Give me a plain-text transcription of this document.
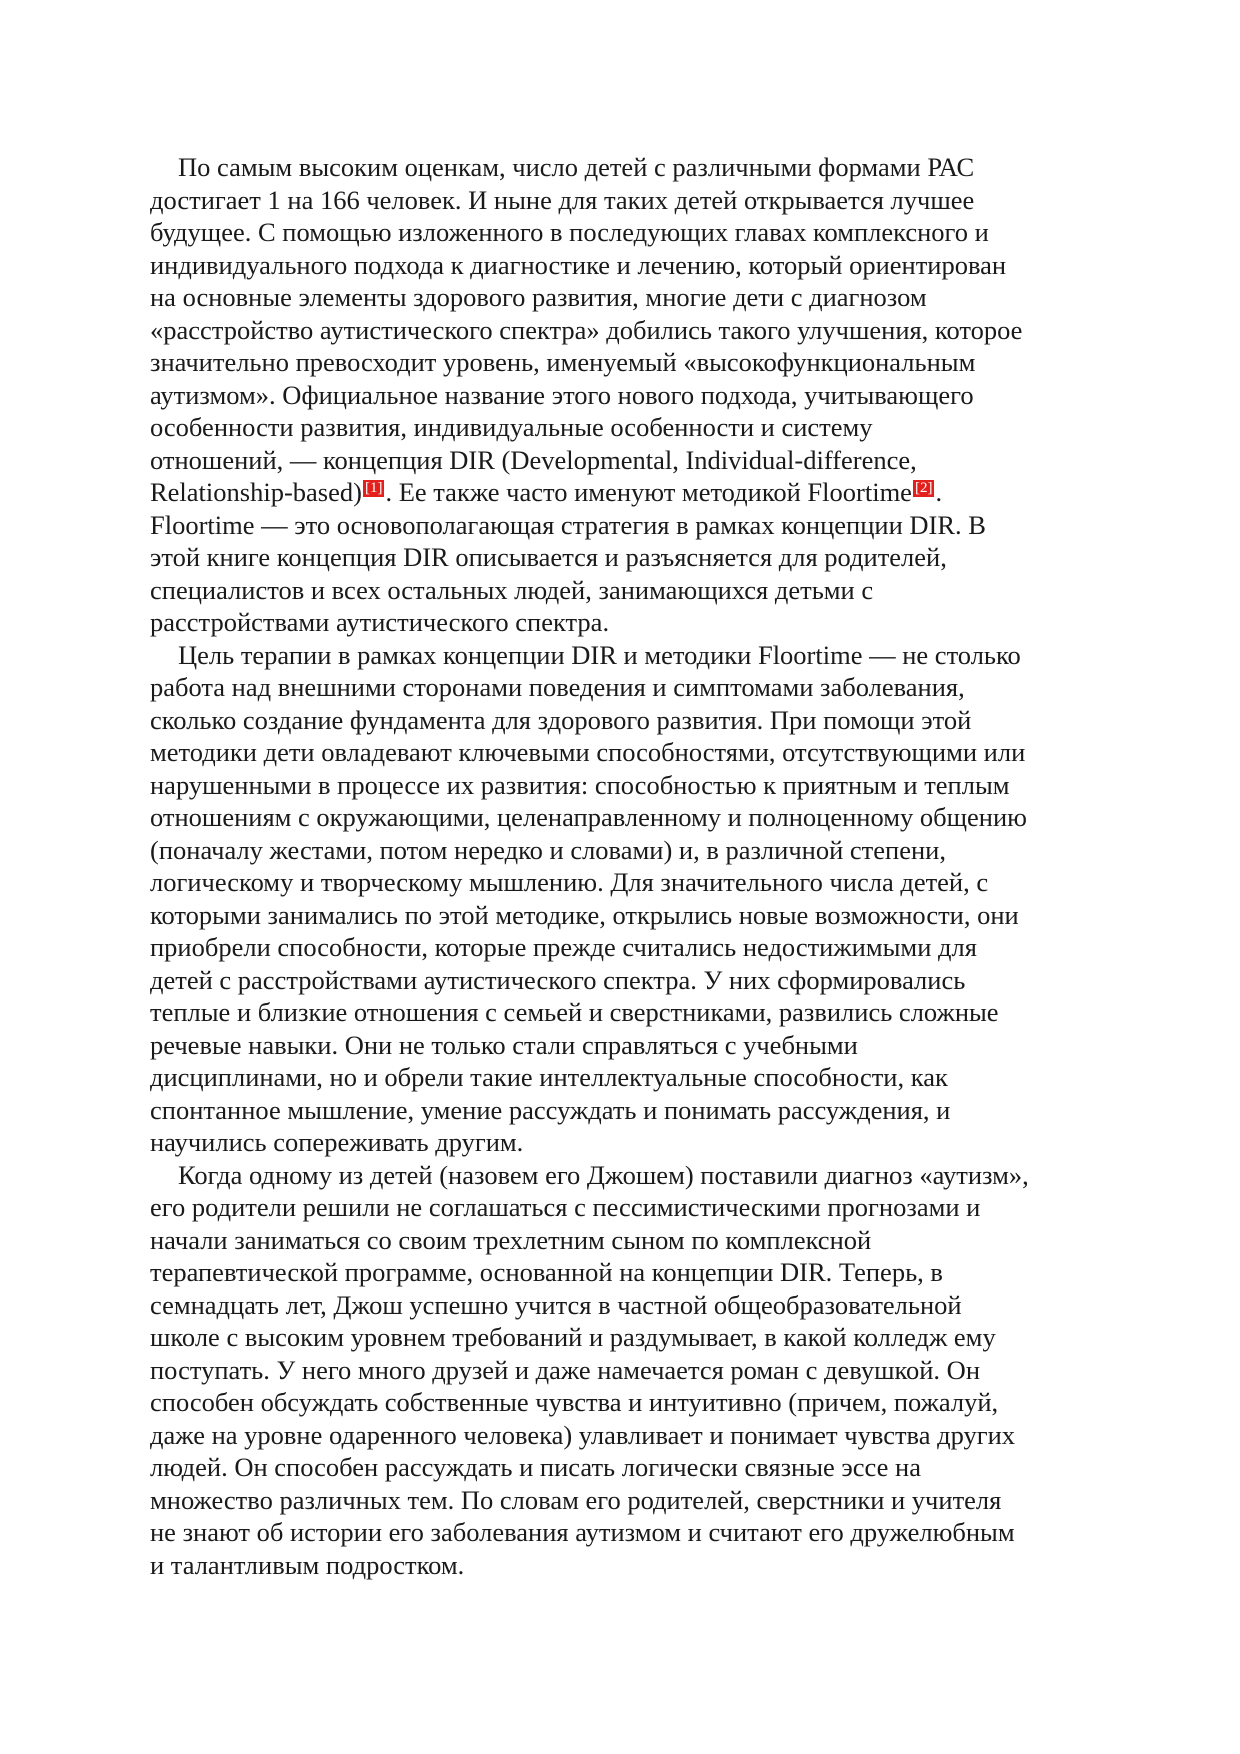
По самым высоким оценкам, число детей с различными формами РАС
достигает 1 на 166 человек. И ныне для таких детей открывается лучшее
будущее. С помощью изложенного в последующих главах комплексного и
индивидуального подхода к диагностике и лечению, который ориентирован
на основные элементы здорового развития, многие дети с диагнозом
«расстройство аутистического спектра» добились такого улучшения, которое
значительно превосходит уровень, именуемый «высокофункциональным
аутизмом». Официальное название этого нового подхода, учитывающего
особенности развития, индивидуальные особенности и систему
отношений, — концепция DIR (Developmental, Individual-difference,
Relationship-based) [1] . Ее также часто именуют методикой Floortime [2] .
Floortime — это основополагающая стратегия в рамках концепции DIR. В
этой книге концепция DIR описывается и разъясняется для родителей,
специалистов и всех остальных людей, занимающихся детьми с
расстройствами аутистического спектра.
Цель терапии в рамках концепции DIR и методики Floortime — не столько
работа над внешними сторонами поведения и симптомами заболевания,
сколько создание фундамента для здорового развития. При помощи этой
методики дети овладевают ключевыми способностями, отсутствующими или
нарушенными в процессе их развития: способностью к приятным и теплым
отношениям с окружающими, целенаправленному и полноценному общению
(поначалу жестами, потом нередко и словами) и, в различной степени,
логическому и творческому мышлению. Для значительного числа детей, с
которыми занимались по этой методике, открылись новые возможности, они
приобрели способности, которые прежде считались недостижимыми для
детей с расстройствами аутистического спектра. У них сформировались
теплые и близкие отношения с семьей и сверстниками, развились сложные
речевые навыки. Они не только стали справляться с учебными
дисциплинами, но и обрели такие интеллектуальные способности, как
спонтанное мышление, умение рассуждать и понимать рассуждения, и
научились сопереживать другим.
Когда одному из детей (назовем его Джошем) поставили диагноз «аутизм»,
его родители решили не соглашаться с пессимистическими прогнозами и
начали заниматься со своим трехлетним сыном по комплексной
терапевтической программе, основанной на концепции DIR. Теперь, в
семнадцать лет, Джош успешно учится в частной общеобразовательной
школе с высоким уровнем требований и раздумывает, в какой колледж ему
поступать. У него много друзей и даже намечается роман с девушкой. Он
способен обсуждать собственные чувства и интуитивно (причем, пожалуй,
даже на уровне одаренного человека) улавливает и понимает чувства других
людей. Он способен рассуждать и писать логически связные эссе на
множество различных тем. По словам его родителей, сверстники и учителя
не знают об истории его заболевания аутизмом и считают его дружелюбным
и талантливым подростком.
